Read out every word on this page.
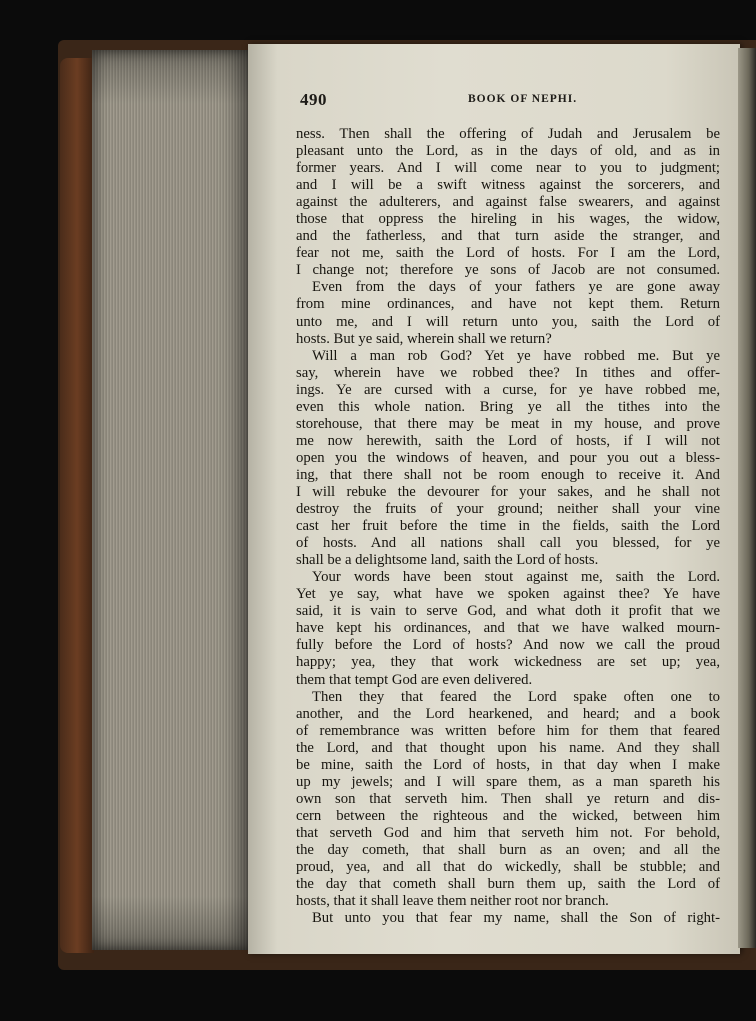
490	BOOK OF NEPHI.
ness. Then shall the offering of Judah and Jerusalem be
pleasant unto the Lord, as in the days of old, and as in
former years. And I will come near to you to judgment;
and I will be a swift witness against the sorcerers, and
against the adulterers, and against false swearers, and against
those that oppress the hireling in his wages, the widow,
and the fatherless, and that turn aside the stranger, and
fear not me, saith the Lord of hosts. For I am the Lord,
I change not; therefore ye sons of Jacob are not consumed.
Even from the days of your fathers ye are gone away
from mine ordinances, and have not kept them. Return
unto me, and I will return unto you, saith the Lord of
hosts. But ye said, wherein shall we return?
Will a man rob God? Yet ye have robbed me. But ye
say, wherein have we robbed thee? In tithes and offer-
ings. Ye are cursed with a curse, for ye have robbed me,
even this whole nation. Bring ye all the tithes into the
storehouse, that there may be meat in my house, and prove
me now herewith, saith the Lord of hosts, if I will not
open you the windows of heaven, and pour you out a bless-
ing, that there shall not be room enough to receive it. And
I will rebuke the devourer for your sakes, and he shall not
destroy the fruits of your ground; neither shall your vine
cast her fruit before the time in the fields, saith the Lord
of hosts. And all nations shall call you blessed, for ye
shall be a delightsome land, saith the Lord of hosts.
Your words have been stout against me, saith the Lord.
Yet ye say, what have we spoken against thee? Ye have
said, it is vain to serve God, and what doth it profit that we
have kept his ordinances, and that we have walked mourn-
fully before the Lord of hosts? And now we call the proud
happy; yea, they that work wickedness are set up; yea,
them that tempt God are even delivered.
Then they that feared the Lord spake often one to
another, and the Lord hearkened, and heard; and a book
of remembrance was written before him for them that feared
the Lord, and that thought upon his name. And they shall
be mine, saith the Lord of hosts, in that day when I make
up my jewels; and I will spare them, as a man spareth his
own son that serveth him. Then shall ye return and dis-
cern between the righteous and the wicked, between him
that serveth God and him that serveth him not. For behold,
the day cometh, that shall burn as an oven; and all the
proud, yea, and all that do wickedly, shall be stubble; and
the day that cometh shall burn them up, saith the Lord of
hosts, that it shall leave them neither root nor branch.
But unto you that fear my name, shall the Son of right-
